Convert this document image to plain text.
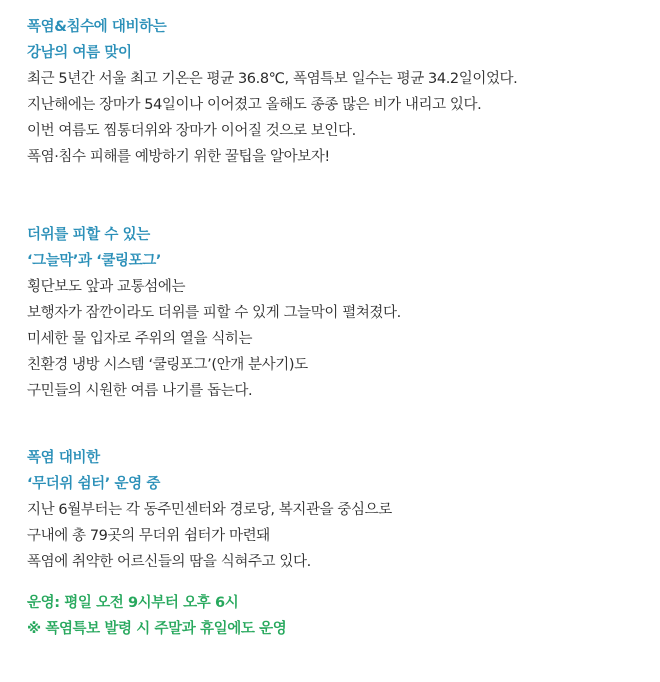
폭염&침수에 대비하는
강남의 여름 맞이
최근 5년간 서울 최고 기온은 평균 36.8℃, 폭염특보 일수는 평균 34.2일이었다.
지난해에는 장마가 54일이나 이어졌고 올해도 종종 많은 비가 내리고 있다.
이번 여름도 찜통더위와 장마가 이어질 것으로 보인다.
폭염·침수 피해를 예방하기 위한 꿀팁을 알아보자!
더위를 피할 수 있는
‘그늘막’과 ‘쿨링포그’
횡단보도 앞과 교통섬에는
보행자가 잠깐이라도 더위를 피할 수 있게 그늘막이 펼쳐졌다.
미세한 물 입자로 주위의 열을 식히는
친환경 냉방 시스템 ‘쿨링포그’(안개 분사기)도
구민들의 시원한 여름 나기를 돕는다.
폭염 대비한
‘무더위 쉼터’ 운영 중
지난 6월부터는 각 동주민센터와 경로당, 복지관을 중심으로
구내에 총 79곳의 무더위 쉼터가 마련돼
폭염에 취약한 어르신들의 땀을 식혀주고 있다.
운영: 평일 오전 9시부터 오후 6시
※ 폭염특보 발령 시 주말과 휴일에도 운영
